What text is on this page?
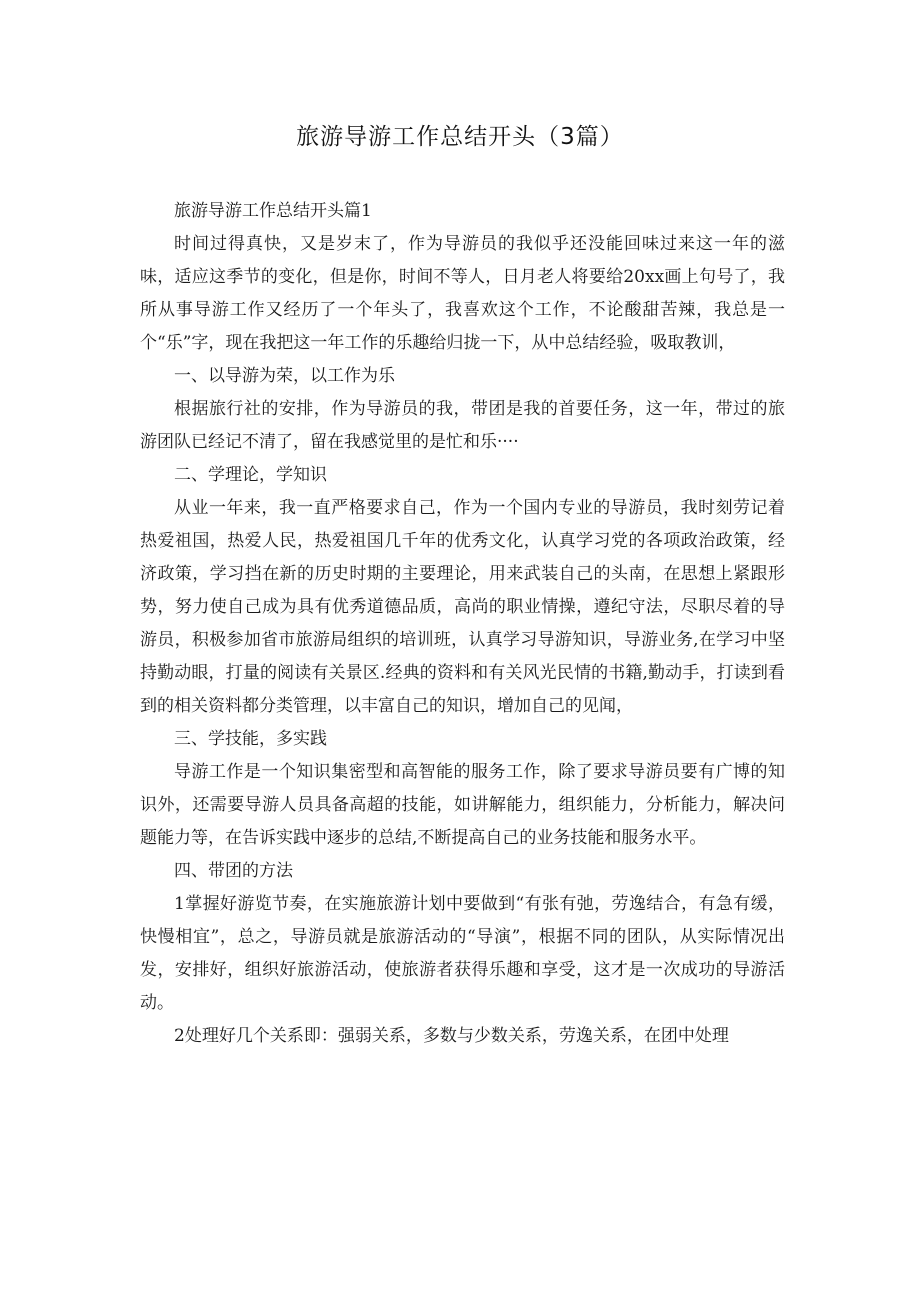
旅游导游工作总结开头（3篇）

旅游导游工作总结开头篇1

时间过得真快，又是岁末了，作为导游员的我似乎还没能回味过来这一年的滋味，适应这季节的变化，但是你，时间不等人，日月老人将要给20xx画上句号了，我所从事导游工作又经历了一个年头了，我喜欢这个工作，不论酸甜苦辣，我总是一个“乐”字，现在我把这一年工作的乐趣给归拢一下，从中总结经验，吸取教训，

一、以导游为荣，以工作为乐

根据旅行社的安排，作为导游员的我，带团是我的首要任务，这一年，带过的旅游团队已经记不清了，留在我感觉里的是忙和乐····

二、学理论，学知识

从业一年来，我一直严格要求自己，作为一个国内专业的导游员，我时刻劳记着热爱祖国，热爱人民，热爱祖国几千年的优秀文化，认真学习党的各项政治政策，经济政策，学习挡在新的历史时期的主要理论，用来武装自己的头南，在思想上紧跟形势，努力使自己成为具有优秀道德品质，高尚的职业情操，遵纪守法，尽职尽着的导游员，积极参加省市旅游局组织的培训班，认真学习导游知识，导游业务,在学习中坚持勤动眼，打量的阅读有关景区.经典的资料和有关风光民情的书籍,勤动手，打读到看到的相关资料都分类管理，以丰富自己的知识，增加自己的见闻，

三、学技能，多实践

导游工作是一个知识集密型和高智能的服务工作，除了要求导游员要有广博的知识外，还需要导游人员具备高超的技能，如讲解能力，组织能力，分析能力，解决问题能力等，在告诉实践中逐步的总结,不断提高自己的业务技能和服务水平。

四、带团的方法

1掌握好游览节奏，在实施旅游计划中要做到“有张有弛，劳逸结合，有急有缓，快慢相宜”，总之，导游员就是旅游活动的“导演”，根据不同的团队，从实际情况出发，安排好，组织好旅游活动，使旅游者获得乐趣和享受，这才是一次成功的导游活动。

2处理好几个关系即：强弱关系，多数与少数关系，劳逸关系，在团中处理
